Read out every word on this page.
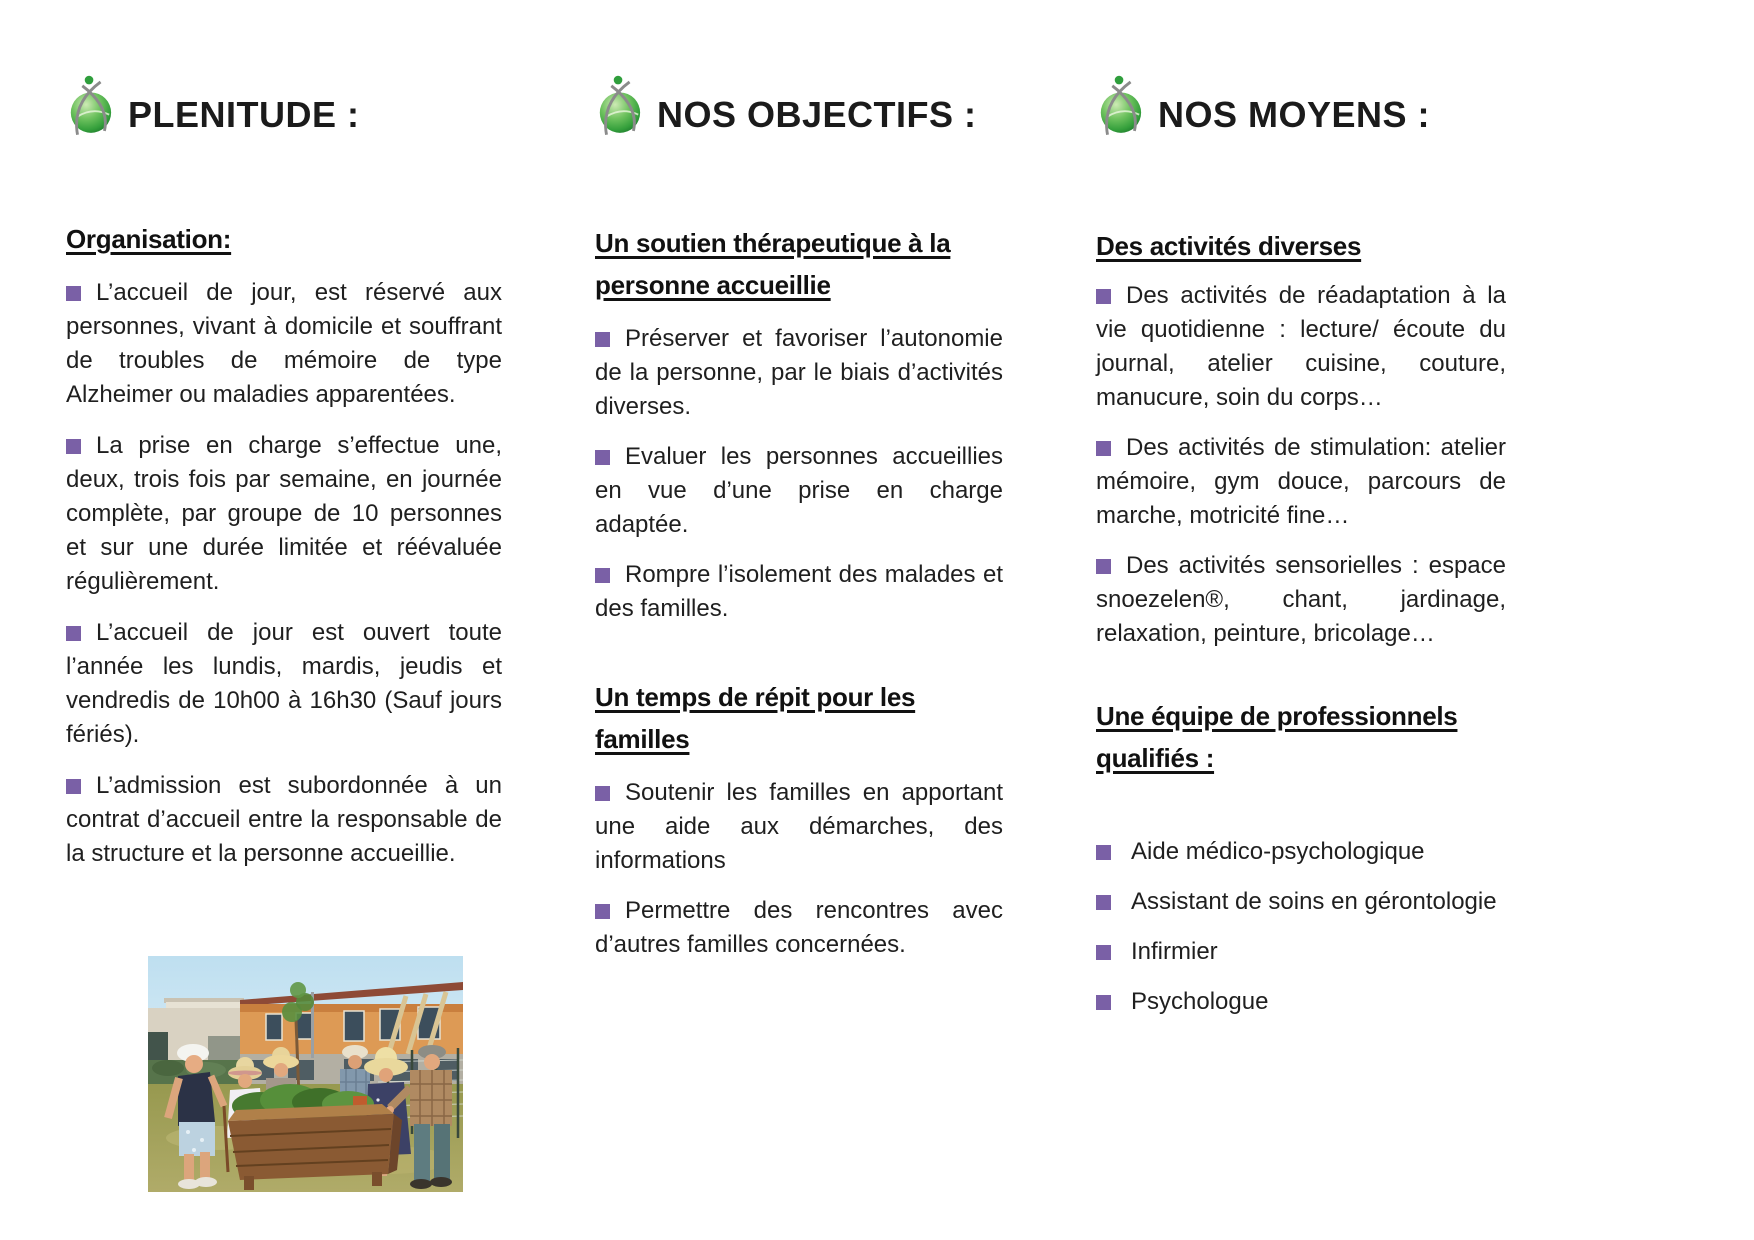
PLENITUDE :
Organisation:

L’accueil de jour, est réservé aux personnes, vivant à domicile et souffrant de troubles de mémoire de type Alzheimer ou maladies apparentées.

La prise en charge s’effectue une, deux, trois fois par semaine, en journée complète, par groupe de 10 personnes et sur une durée limitée et réévaluée régulièrement.

L’accueil de jour est ouvert toute l’année les lundis, mardis, jeudis et vendredis de 10h00 à 16h30 (Sauf jours fériés).

L’admission est subordonnée à un contrat d’accueil entre la responsable de la structure et la personne accueillie.

NOS OBJECTIFS :
Un soutien thérapeutique à la
personne accueillie

Préserver et favoriser l’autonomie de la personne, par le biais d’activités diverses.

Evaluer les personnes accueillies en vue d’une prise en charge adaptée.

Rompre l’isolement des malades et des familles.

Un temps de répit pour les
familles

Soutenir les familles en apportant une aide aux démarches, des informations

Permettre des rencontres avec d’autres familles concernées.

NOS MOYENS :
Des activités diverses

Des activités de réadaptation à la vie quotidienne : lecture/ écoute du journal, atelier cuisine, couture, manucure, soin du corps…

Des activités de stimulation: atelier mémoire, gym douce, parcours de marche, motricité fine…

Des activités sensorielles : espace snoezelen®, chant, jardinage, relaxation, peinture, bricolage…

Une équipe de professionnels
qualifiés :

Aide médico-psychologique

Assistant de soins en gérontologie

Infirmier

Psychologue
